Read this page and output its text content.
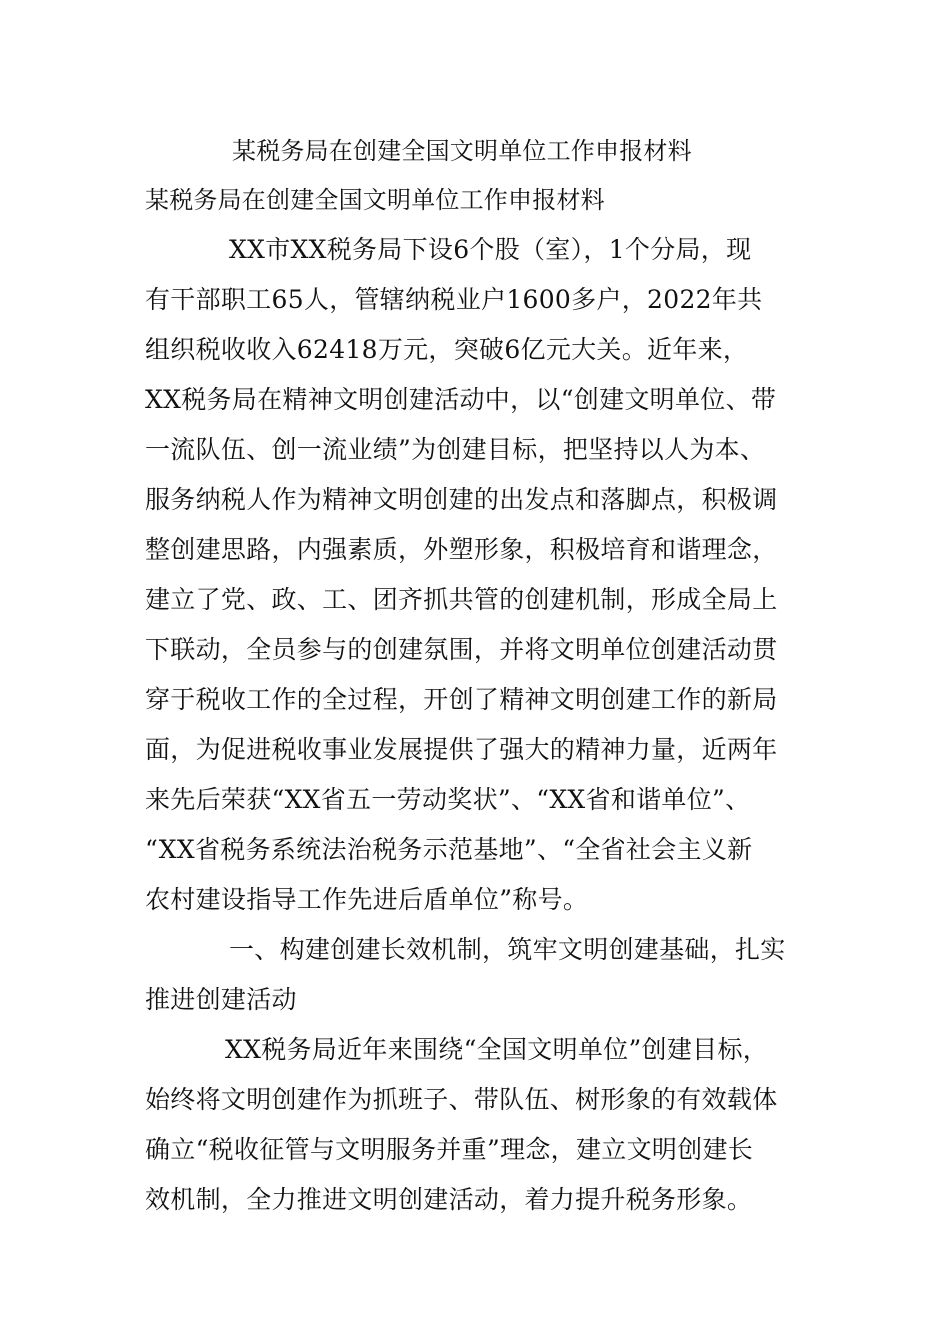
某税务局在创建全国文明单位工作申报材料
某税务局在创建全国文明单位工作申报材料
XX市XX税务局下设6个股（室），1个分局，现
有干部职工65人，管辖纳税业户1600多户，2022年共
组织税收收入62418万元，突破6亿元大关。近年来，
XX税务局在精神文明创建活动中，以“创建文明单位、带
一流队伍、创一流业绩”为创建目标，把坚持以人为本、
服务纳税人作为精神文明创建的出发点和落脚点，积极调
整创建思路，内强素质，外塑形象，积极培育和谐理念，
建立了党、政、工、团齐抓共管的创建机制，形成全局上
下联动，全员参与的创建氛围，并将文明单位创建活动贯
穿于税收工作的全过程，开创了精神文明创建工作的新局
面，为促进税收事业发展提供了强大的精神力量，近两年
来先后荣获“XX省五一劳动奖状”、“XX省和谐单位”、
“XX省税务系统法治税务示范基地”、“全省社会主义新
农村建设指导工作先进后盾单位”称号。
一、构建创建长效机制，筑牢文明创建基础，扎实
推进创建活动
XX税务局近年来围绕“全国文明单位”创建目标，
始终将文明创建作为抓班子、带队伍、树形象的有效载体
确立“税收征管与文明服务并重”理念，建立文明创建长
效机制，全力推进文明创建活动，着力提升税务形象。
